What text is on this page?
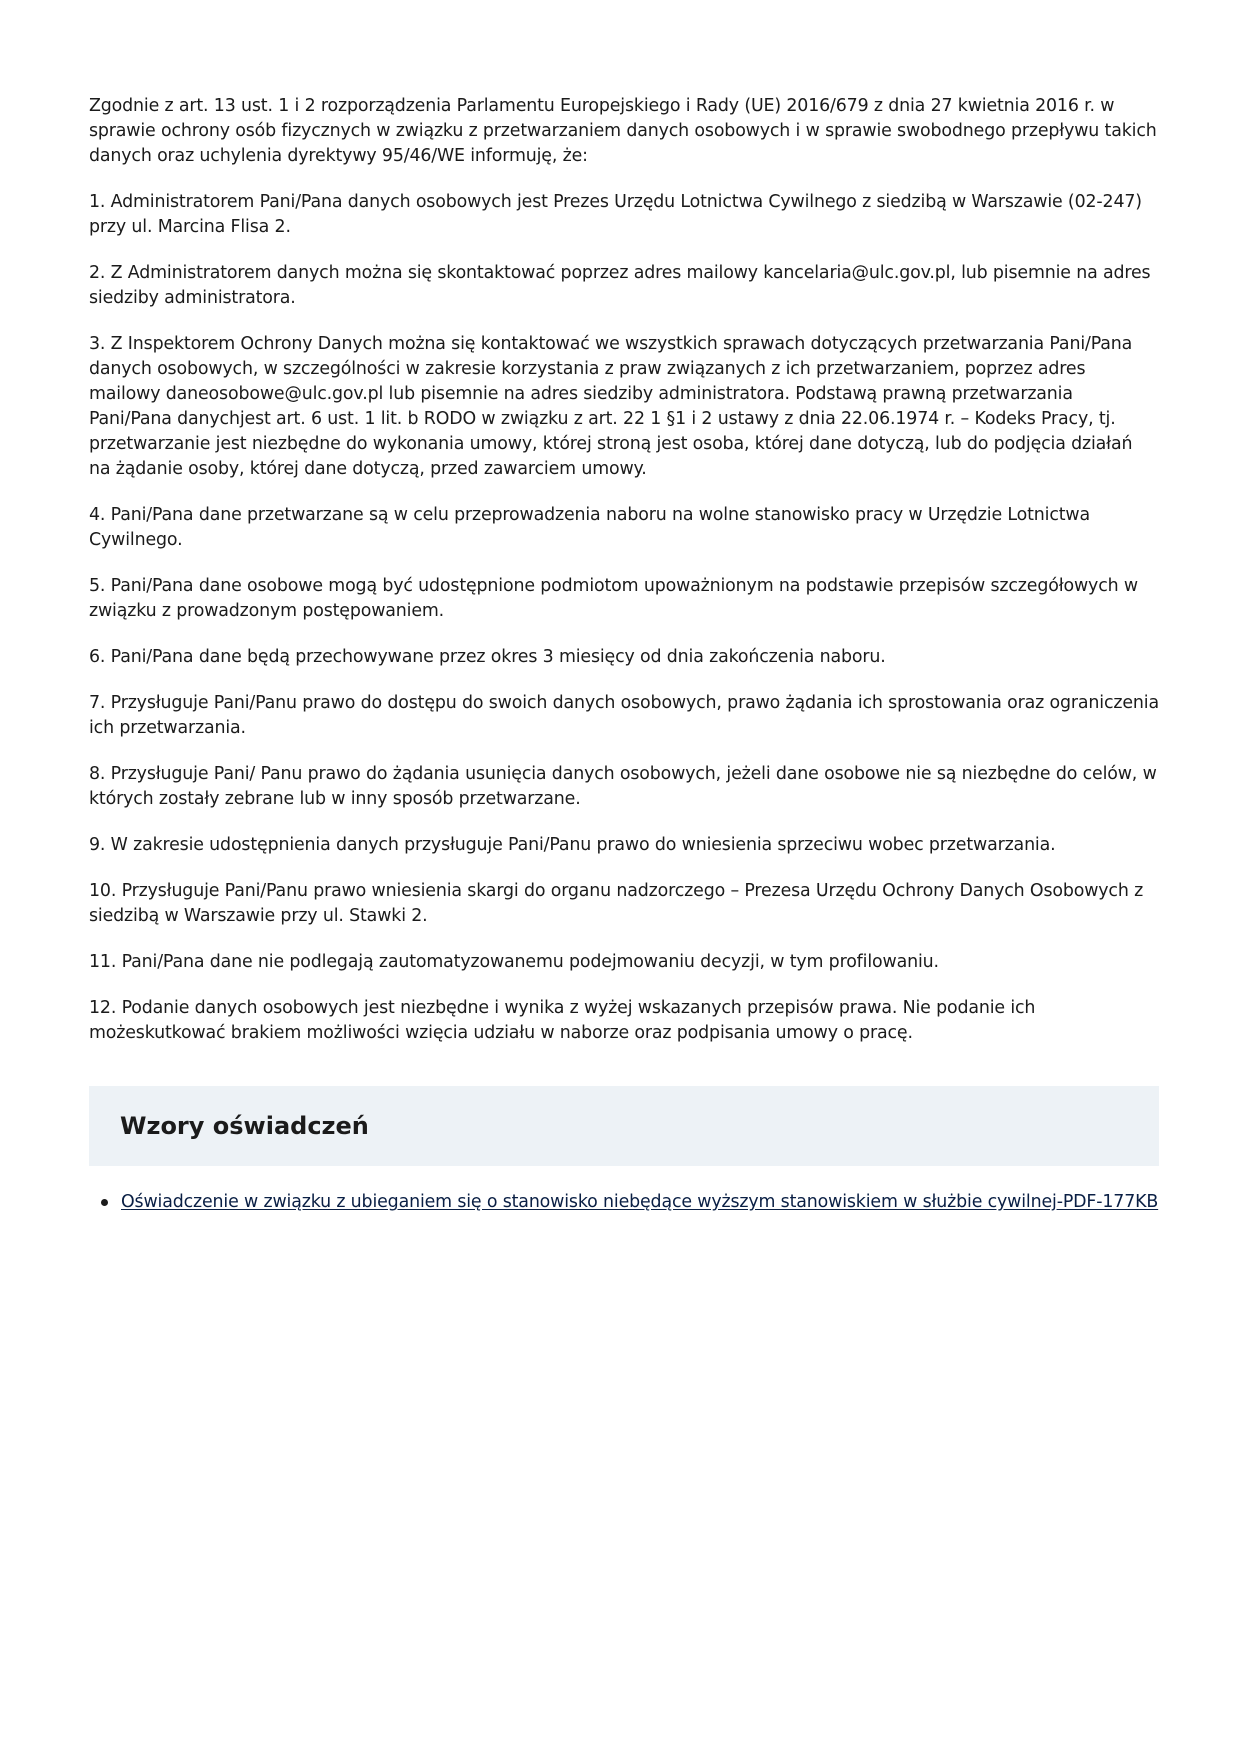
Zgodnie z art. 13 ust. 1 i 2 rozporządzenia Parlamentu Europejskiego i Rady (UE) 2016/679 z dnia 27 kwietnia 2016 r. w sprawie ochrony osób fizycznych w związku z przetwarzaniem danych osobowych i w sprawie swobodnego przepływu takich danych oraz uchylenia dyrektywy 95/46/WE informuję, że:

1. Administratorem Pani/Pana danych osobowych jest Prezes Urzędu Lotnictwa Cywilnego z siedzibą w Warszawie (02-247) przy ul. Marcina Flisa 2.

2. Z Administratorem danych można się skontaktować poprzez adres mailowy kancelaria@ulc.gov.pl, lub pisemnie na adres siedziby administratora.

3. Z Inspektorem Ochrony Danych można się kontaktować we wszystkich sprawach dotyczących przetwarzania Pani/Pana danych osobowych, w szczególności w zakresie korzystania z praw związanych z ich przetwarzaniem, poprzez adres mailowy daneosobowe@ulc.gov.pl lub pisemnie na adres siedziby administratora. Podstawą prawną przetwarzania Pani/Pana danychjest art. 6 ust. 1 lit. b RODO w związku z art. 22 1 §1 i 2 ustawy z dnia 22.06.1974 r. – Kodeks Pracy, tj. przetwarzanie jest niezbędne do wykonania umowy, której stroną jest osoba, której dane dotyczą, lub do podjęcia działań na żądanie osoby, której dane dotyczą, przed zawarciem umowy.

4. Pani/Pana dane przetwarzane są w celu przeprowadzenia naboru na wolne stanowisko pracy w Urzędzie Lotnictwa Cywilnego.

5. Pani/Pana dane osobowe mogą być udostępnione podmiotom upoważnionym na podstawie przepisów szczegółowych w związku z prowadzonym postępowaniem.

6. Pani/Pana dane będą przechowywane przez okres 3 miesięcy od dnia zakończenia naboru.

7. Przysługuje Pani/Panu prawo do dostępu do swoich danych osobowych, prawo żądania ich sprostowania oraz ograniczenia ich przetwarzania.

8. Przysługuje Pani/ Panu prawo do żądania usunięcia danych osobowych, jeżeli dane osobowe nie są niezbędne do celów, w których zostały zebrane lub w inny sposób przetwarzane.

9. W zakresie udostępnienia danych przysługuje Pani/Panu prawo do wniesienia sprzeciwu wobec przetwarzania.

10. Przysługuje Pani/Panu prawo wniesienia skargi do organu nadzorczego – Prezesa Urzędu Ochrony Danych Osobowych z siedzibą w Warszawie przy ul. Stawki 2.

11. Pani/Pana dane nie podlegają zautomatyzowanemu podejmowaniu decyzji, w tym profilowaniu.

12. Podanie danych osobowych jest niezbędne i wynika z wyżej wskazanych przepisów prawa. Nie podanie ich możeskutkować brakiem możliwości wzięcia udziału w naborze oraz podpisania umowy o pracę.

Wzory oświadczeń
Oświadczenie w związku z ubieganiem się o stanowisko niebędące wyższym stanowiskiem w służbie cywilnej-PDF-177KB
